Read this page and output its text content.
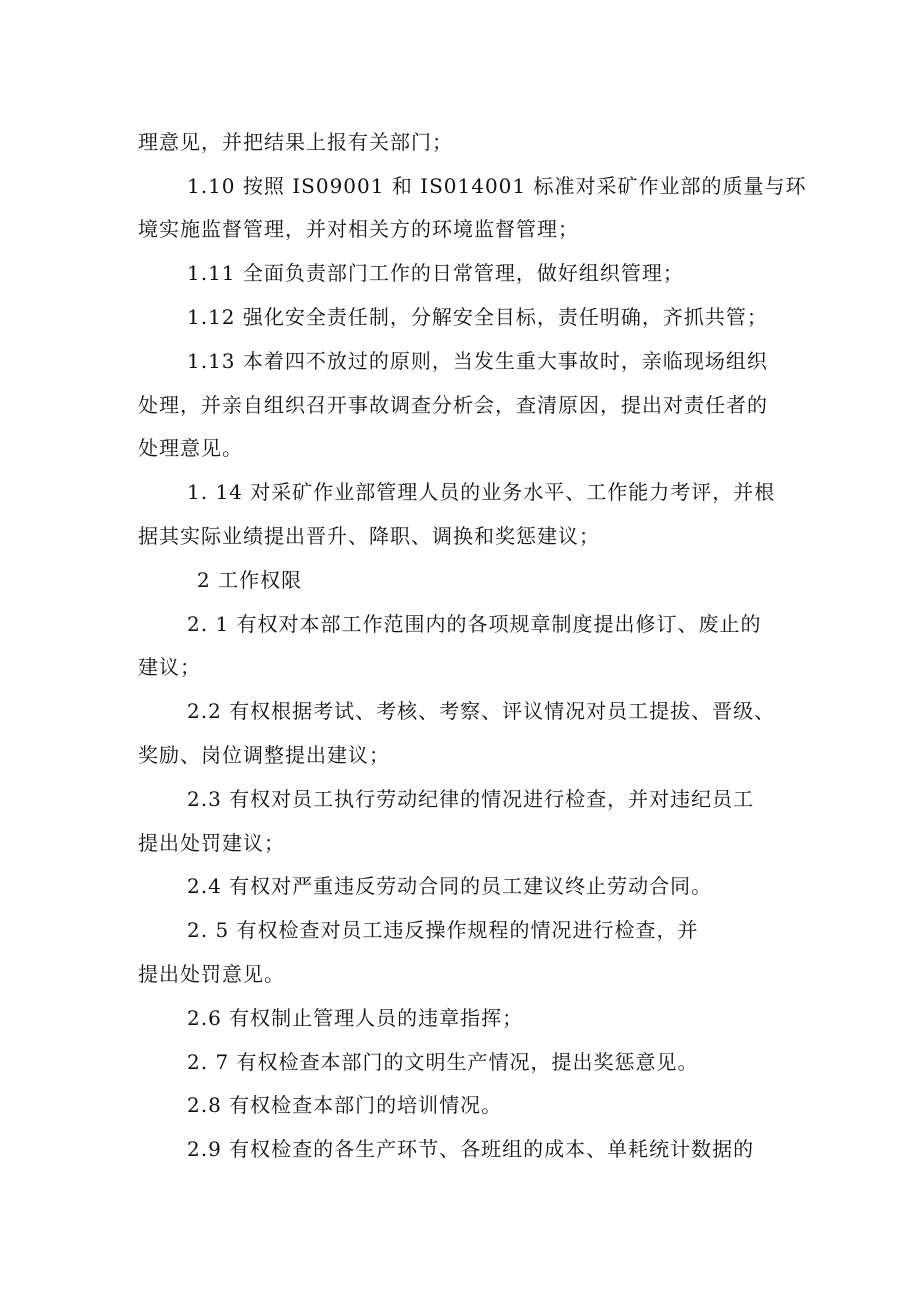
理意见，并把结果上报有关部门；
1.10 按照 IS09001 和 IS014001 标准对采矿作业部的质量与环
境实施监督管理，并对相关方的环境监督管理；
1.11 全面负责部门工作的日常管理，做好组织管理；
1.12 强化安全责任制，分解安全目标，责任明确，齐抓共管；
1.13 本着四不放过的原则，当发生重大事故时，亲临现场组织
处理，并亲自组织召开事故调查分析会，查清原因，提出对责任者的
处理意见。
1. 14 对采矿作业部管理人员的业务水平、工作能力考评，并根
据其实际业绩提出晋升、降职、调换和奖惩建议；
2 工作权限
2. 1 有权对本部工作范围内的各项规章制度提出修订、废止的
建议；
2.2 有权根据考试、考核、考察、评议情况对员工提拔、晋级、
奖励、岗位调整提出建议；
2.3 有权对员工执行劳动纪律的情况进行检查，并对违纪员工
提出处罚建议；
2.4 有权对严重违反劳动合同的员工建议终止劳动合同。
2. 5 有权检查对员工违反操作规程的情况进行检查，并
提出处罚意见。
2.6 有权制止管理人员的违章指挥；
2. 7 有权检查本部门的文明生产情况，提出奖惩意见。
2.8 有权检查本部门的培训情况。
2.9 有权检查的各生产环节、各班组的成本、单耗统计数据的
